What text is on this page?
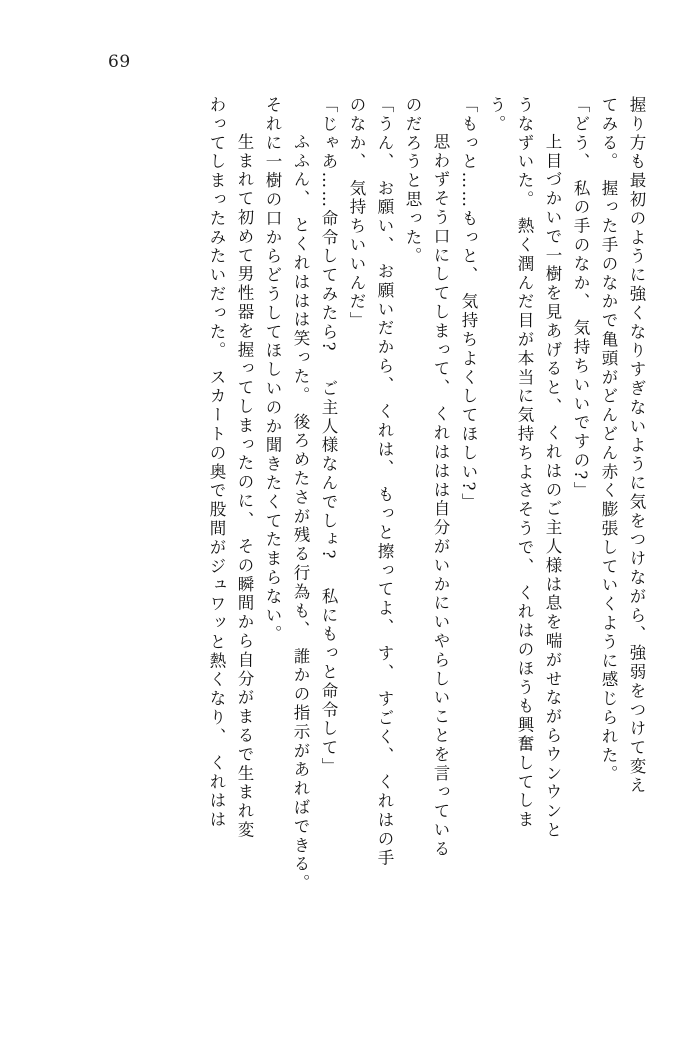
69
握り方も最初のように強くなりすぎないように気をつけながら、強弱をつけて変え
てみる。 握った手のなかで亀頭がどんどん赤く膨張していくように感じられた。
「どう、 私の手のなか、 気持ちいいですの?」
　上目づかいで一樹を見あげると、 くれはのご主人様は息を喘がせながらウンウンと
うなずいた。 熱く潤んだ目が本当に気持ちよさそうで、 くれはのほうも興奮してしま
う。
「もっと……もっと、 気持ちよくしてほしい?」
　思わずそう口にしてしまって、 くれははは自分がいかにいやらしいことを言っている
のだろうと思った。
「うん、 お願い、 お願いだから、 くれは、 もっと擦ってよ、 す、 すごく、 くれはの手
のなか、 気持ちいいんだ」
「じゃあ……命令してみたら? 　ご主人様なんでしょ? 　私にもっと命令して」
　ふふん、 とくれははは笑った。 後ろめたさが残る行為も、 誰かの指示があればできる。
それに一樹の口からどうしてほしいのか聞きたくてたまらない。
　生まれて初めて男性器を握ってしまったのに、 その瞬間から自分がまるで生まれ変
わってしまったみたいだった。 スカートの奥で股間がジュワッと熱くなり、 くれはは
